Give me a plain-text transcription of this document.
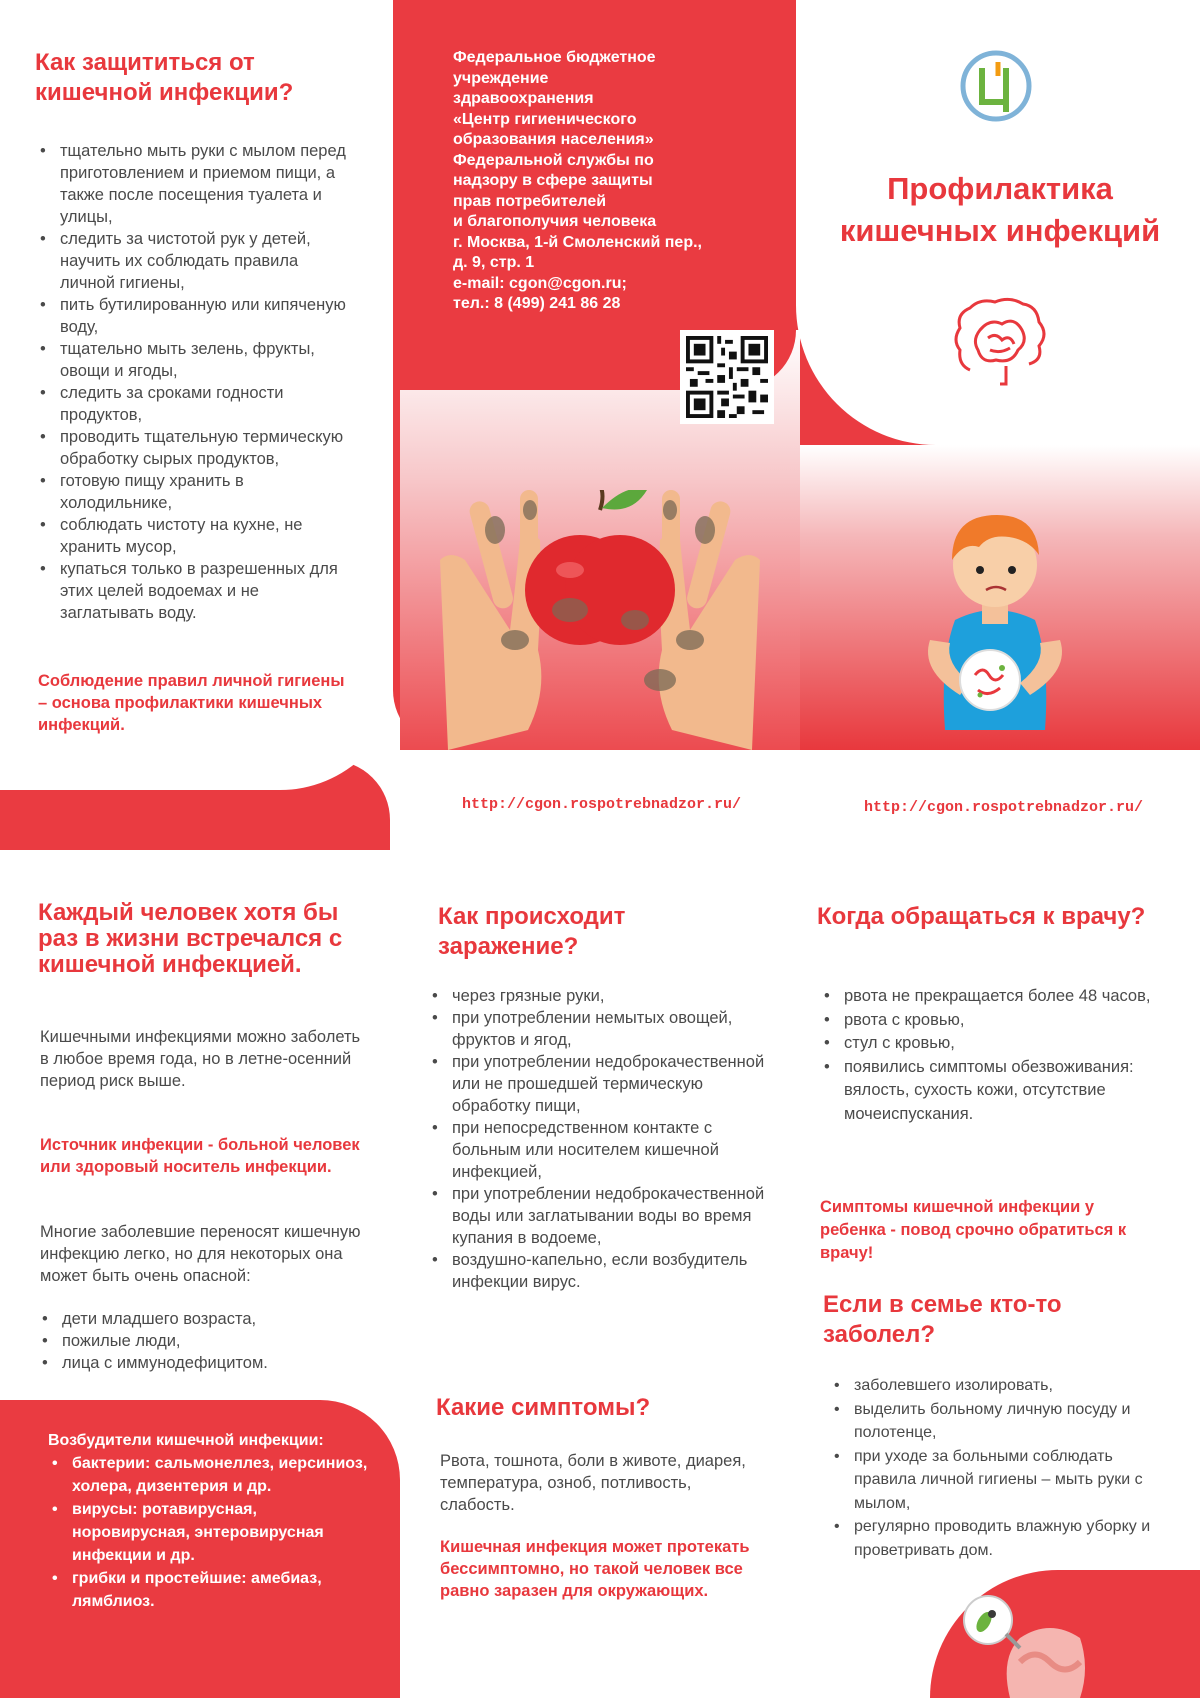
Как защититься от кишечной инфекции?
• тщательно мыть руки с мылом перед приготовлением и приемом пищи, а также после посещения туалета и улицы,
• следить за чистотой рук у детей, научить их соблюдать правила личной гигиены,
• пить бутилированную или кипяченую воду,
• тщательно мыть зелень, фрукты, овощи и ягоды,
• следить за сроками годности продуктов,
• проводить тщательную термическую обработку сырых продуктов,
• готовую пищу хранить в холодильнике,
• соблюдать чистоту на кухне, не хранить мусор,
• купаться только в разрешенных для этих целей водоемах и не заглатывать воду.
Соблюдение правил личной гигиены – основа профилактики кишечных инфекций.
Федеральное бюджетное
учреждение
здравоохранения
«Центр гигиенического
образования населения»
Федеральной службы по
надзору в сфере защиты
прав потребителей
и благополучия человека
г. Москва, 1-й Смоленский пер.,
д. 9, стр. 1
e-mail: cgon@cgon.ru;
тел.: 8 (499) 241 86 28
Профилактика
кишечных инфекций
http://cgon.rospotrebnadzor.ru/	http://cgon.rospotrebnadzor.ru/
Каждый человек хотя бы раз в жизни встречался с кишечной инфекцией.
Кишечными инфекциями можно заболеть в любое время года, но в летне-осенний период риск выше.
Источник инфекции - больной человек или здоровый носитель инфекции.
Многие заболевшие переносят кишечную инфекцию легко, но для некоторых она может быть очень опасной:
• дети младшего возраста,
• пожилые люди,
• лица с иммунодефицитом.
Возбудители кишечной инфекции:
• бактерии: сальмонеллез, иерсиниоз, холера, дизентерия и др.
• вирусы: ротавирусная, норовирусная, энтеровирусная инфекции и др.
• грибки и простейшие: амебиаз, лямблиоз.
Как происходит заражение?
• через грязные руки,
• при употреблении немытых овощей, фруктов и ягод,
• при употреблении недоброкачественной или не прошедшей термическую обработку пищи,
• при непосредственном контакте с больным или носителем кишечной инфекцией,
• при употреблении недоброкачественной воды или заглатывании воды во время купания в водоеме,
• воздушно-капельно, если возбудитель инфекции вирус.
Какие симптомы?
Рвота, тошнота, боли в животе, диарея, температура, озноб, потливость, слабость.
Кишечная инфекция может протекать бессимптомно, но такой человек все равно заразен для окружающих.
Когда обращаться к врачу?
• рвота не прекращается более 48 часов,
• рвота с кровью,
• стул с кровью,
• появились симптомы обезвоживания: вялость, сухость кожи, отсутствие мочеиспускания.
Симптомы кишечной инфекции у ребенка - повод срочно обратиться к врачу!
Если в семье кто-то заболел?
• заболевшего изолировать,
• выделить больному личную посуду и полотенце,
• при уходе за больными соблюдать правила личной гигиены – мыть руки с мылом,
• регулярно проводить влажную уборку и проветривать дом.
